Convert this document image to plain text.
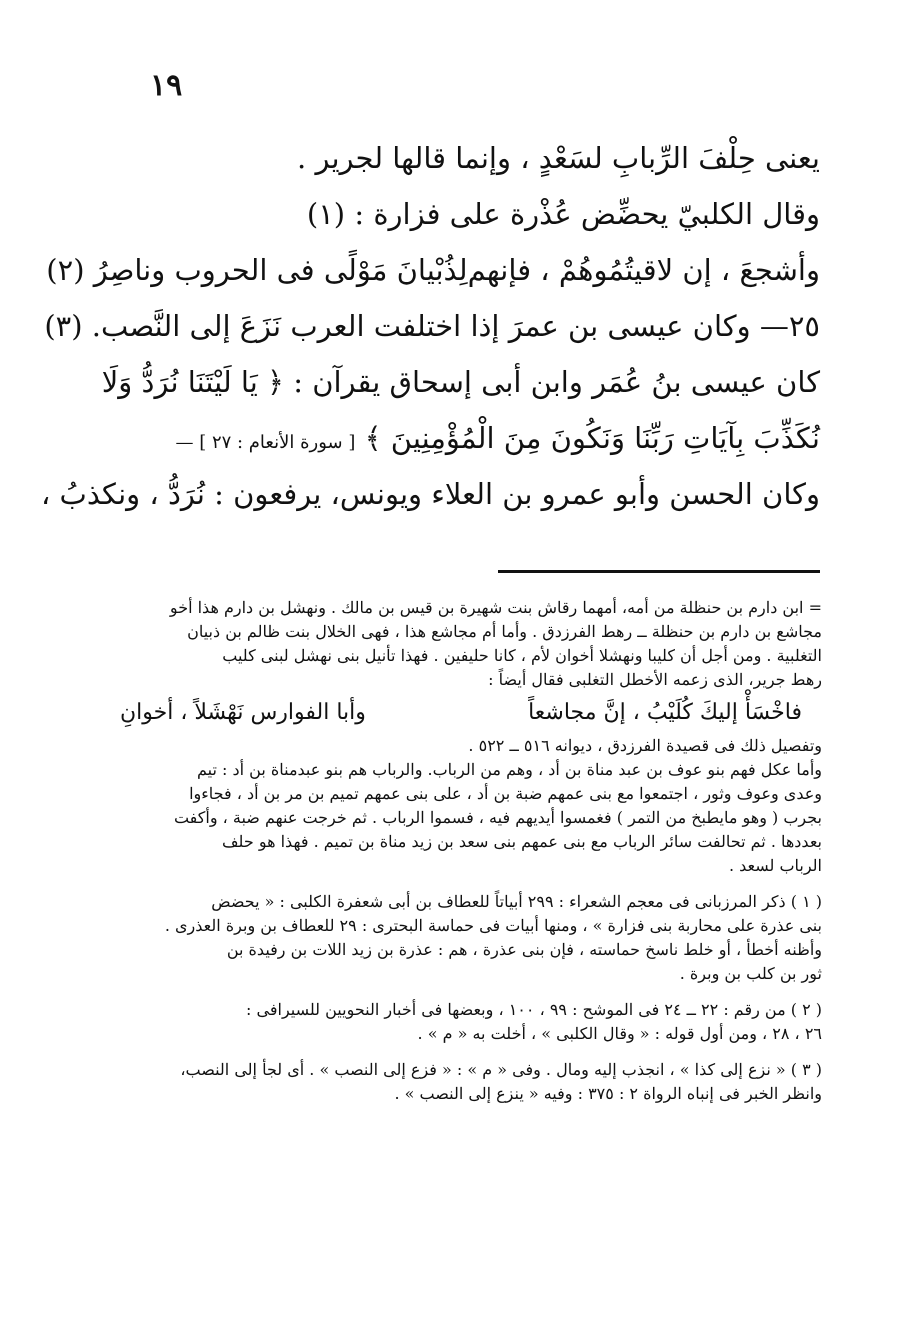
١٩
يعنى حِلْفَ الرِّبابِ لسَعْدٍ ، وإنما قالها لجرير .
وقال الكلبيّ يحضِّض عُذْرة على فزارة : (١)
وأشجعَ ، إن لاقيتُمُوهُمْ ، فإنهم
لِذُبْيانَ مَوْلًى فى الحروب وناصِرُ (٢)
٢٥— وكان عيسى بن عمرَ إذا اختلفت العرب نَزَعَ إلى النَّصب. (٣)
كان عيسى بنُ عُمَر وابن أبى إسحاق يقرآن : ﴿ يَا لَيْتَنَا نُرَدُّ وَلَا
نُكَذِّبَ بِآيَاتِ رَبِّنَا وَنَكُونَ مِنَ الْمُؤْمِنِينَ ﴾ [ سورة الأنعام : ٢٧ ] —
وكان الحسن وأبو عمرو بن العلاء ويونس، يرفعون : نُرَدُّ ، ونكذبُ ،
= ابن دارم بن حنظلة من أمه، أمهما رقاش بنت شهيرة بن قيس بن مالك . ونهشل بن دارم هذا أخو
مجاشع بن دارم بن حنظلة ــ رهط الفرزدق . وأما أم مجاشع هذا ، فهى الخلال بنت ظالم بن ذبيان
التغلبية . ومن أجل أن كليبا ونهشلا أخوان لأم ، كانا حليفين . فهذا تأنيل بنى نهشل لبنى كليب
رهط جرير، الذى زعمه الأخطل التغلبى فقال أيضاً :
فاخْسَأْ إليكَ كُلَيْبُ ، إنَّ مجاشعاً
وأبا الفوارس نَهْشَلاً ، أخوانِ
وتفصيل ذلك فى قصيدة الفرزدق ، ديوانه ٥١٦ ــ ٥٢٢ .
وأما عكل فهم بنو عوف بن عبد مناة بن أد ، وهم من الرباب. والرباب هم بنو عبدمناة بن أد : تيم
وعدى وعوف وثور ، اجتمعوا مع بنى عمهم ضبة بن أد ، على بنى عمهم تميم بن مر بن أد ، فجاءوا
بجرب ( وهو مايطبخ من التمر ) فغمسوا أيديهم فيه ، فسموا الرباب . ثم خرجت عنهم ضبة ، وأكفت
بعددها . ثم تحالفت سائر الرباب مع بنى عمهم بنى سعد بن زيد مناة بن تميم . فهذا هو حلف
الرباب لسعد .
( ١ ) ذكر المرزبانى فى معجم الشعراء : ٢٩٩ أبياتاً للعطاف بن أبى شعفرة الكلبى : « يحضض
بنى عذرة على محاربة بنى فزارة » ، ومنها أبيات فى حماسة البحترى : ٢٩ للعطاف بن وبرة العذرى .
وأظنه أخطأ ، أو خلط ناسخ حماسته ، فإن بنى عذرة ، هم : عذرة بن زيد اللات بن رفيدة بن
ثور بن كلب بن وبرة .
( ٢ ) من رقم : ٢٢ ــ ٢٤ فى الموشح : ٩٩ ، ١٠٠ ، وبعضها فى أخبار النحويين للسيرافى :
٢٦ ، ٢٨ ، ومن أول قوله : « وقال الكلبى » ، أخلت به « م » .
( ٣ ) « نزع إلى كذا » ، انجذب إليه ومال . وفى « م » : « فزع إلى النصب » . أى لجأ إلى النصب،
وانظر الخبر فى إنباه الرواة ٢ : ٣٧٥ : وفيه « ينزع إلى النصب » .
